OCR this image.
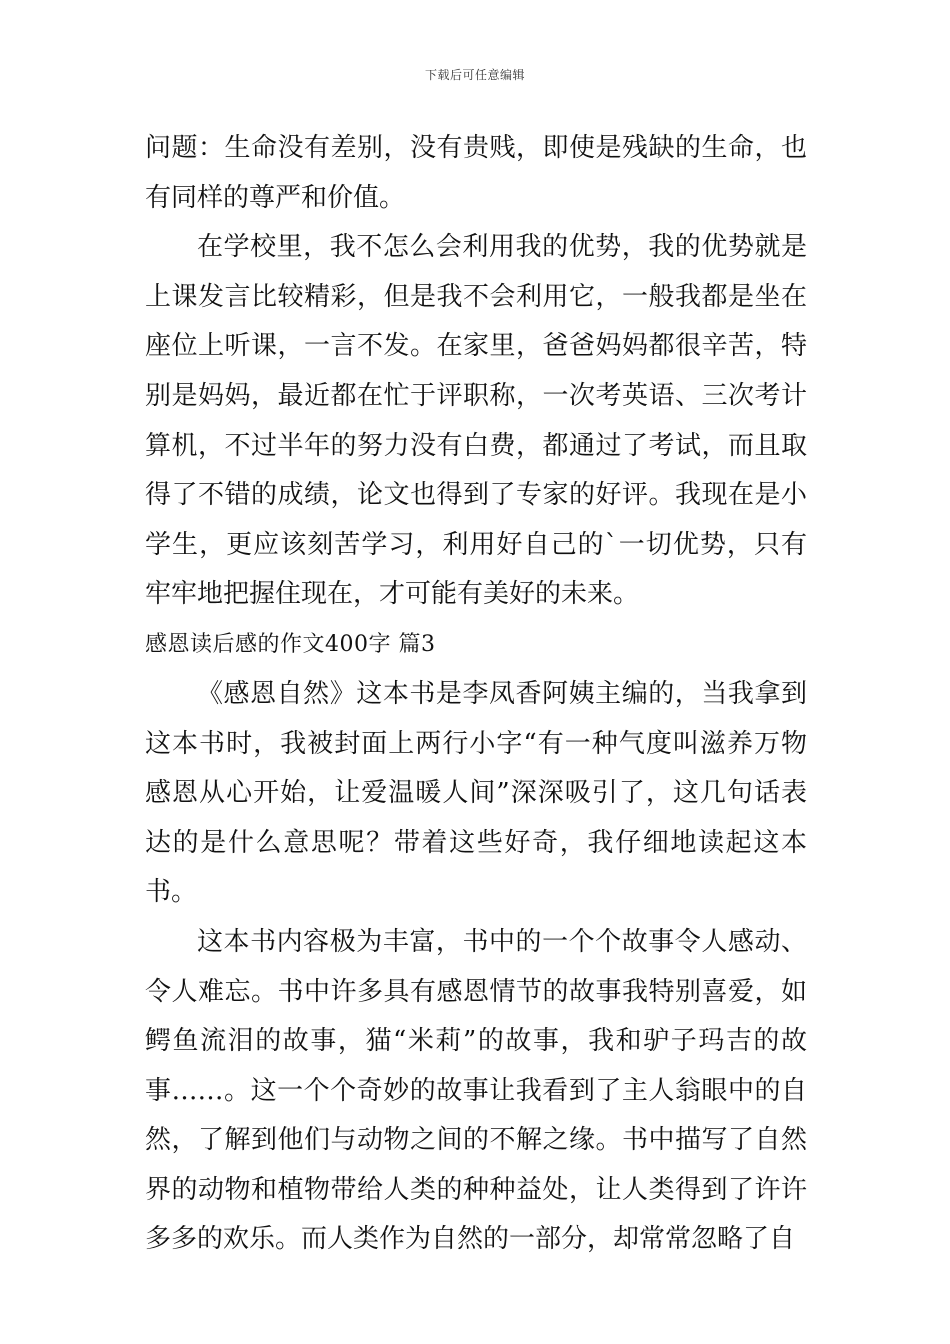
下载后可任意编辑

问题：生命没有差别，没有贵贱，即使是残缺的生命，也有同样的尊严和价值。

在学校里，我不怎么会利用我的优势，我的优势就是上课发言比较精彩，但是我不会利用它，一般我都是坐在座位上听课，一言不发。在家里，爸爸妈妈都很辛苦，特别是妈妈，最近都在忙于评职称，一次考英语、三次考计算机，不过半年的努力没有白费，都通过了考试，而且取得了不错的成绩，论文也得到了专家的好评。我现在是小学生，更应该刻苦学习，利用好自己的`一切优势，只有牢牢地把握住现在，才可能有美好的未来。

感恩读后感的作文400字 篇3

《感恩自然》这本书是李凤香阿姨主编的，当我拿到这本书时，我被封面上两行小字“有一种气度叫滋养万物感恩从心开始，让爱温暖人间”深深吸引了，这几句话表达的是什么意思呢？带着这些好奇，我仔细地读起这本书。

这本书内容极为丰富，书中的一个个故事令人感动、令人难忘。书中许多具有感恩情节的故事我特别喜爱，如鳄鱼流泪的故事，猫“米莉”的故事，我和驴子玛吉的故事……。这一个个奇妙的故事让我看到了主人翁眼中的自然，了解到他们与动物之间的不解之缘。书中描写了自然界的动物和植物带给人类的种种益处，让人类得到了许许多多的欢乐。而人类作为自然的一部分，却常常忽略了自
